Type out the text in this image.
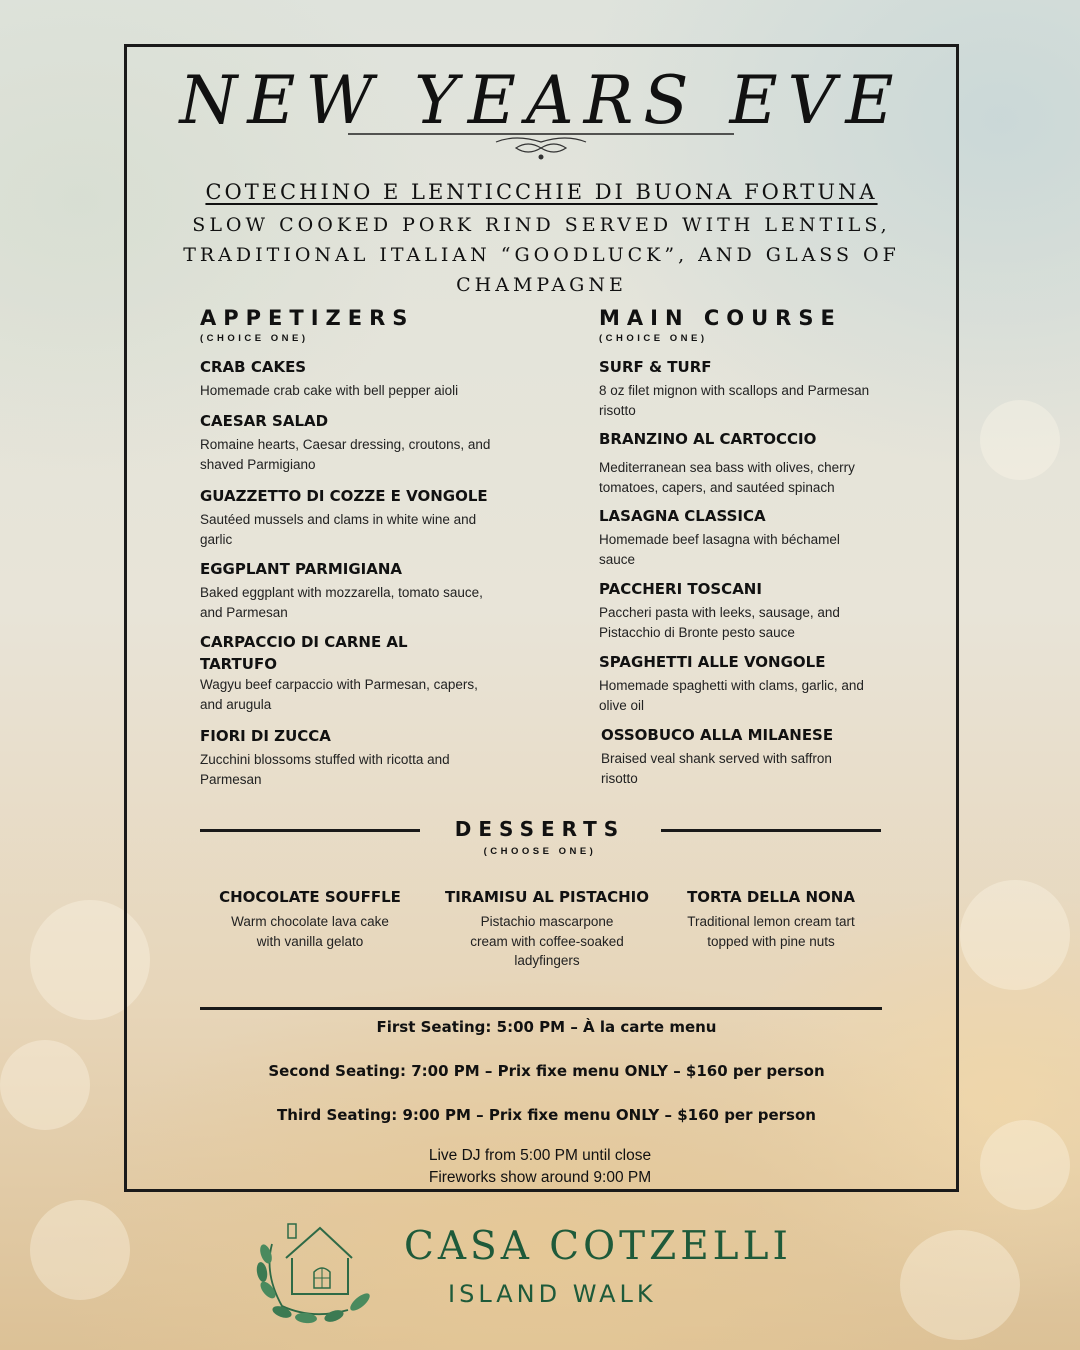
NEW YEARS EVE
COTECHINO E LENTICCHIE DI BUONA FORTUNA
SLOW COOKED PORK RIND SERVED WITH LENTILS, TRADITIONAL ITALIAN “GOODLUCK”, AND GLASS OF CHAMPAGNE
APPETIZERS
(CHOICE ONE)
CRAB CAKES
Homemade crab cake with bell pepper aioli
CAESAR SALAD
Romaine hearts, Caesar dressing, croutons, and shaved Parmigiano
GUAZZETTO DI COZZE E VONGOLE
Sautéed mussels and clams in white wine and garlic
EGGPLANT PARMIGIANA
Baked eggplant with mozzarella, tomato sauce, and Parmesan
CARPACCIO DI CARNE AL TARTUFO
Wagyu beef carpaccio with Parmesan, capers, and arugula
FIORI DI ZUCCA
Zucchini blossoms stuffed with ricotta and Parmesan
MAIN COURSE
(CHOICE ONE)
SURF & TURF
8 oz filet mignon with scallops and Parmesan risotto
BRANZINO AL CARTOCCIO
Mediterranean sea bass with olives, cherry tomatoes, capers, and sautéed spinach
LASAGNA CLASSICA
Homemade beef lasagna with béchamel sauce
PACCHERI TOSCANI
Paccheri pasta with leeks, sausage, and Pistacchio di Bronte pesto sauce
SPAGHETTI ALLE VONGOLE
Homemade spaghetti with clams, garlic, and olive oil
OSSOBUCO ALLA MILANESE
Braised veal shank served with saffron risotto
DESSERTS
(CHOOSE ONE)
CHOCOLATE SOUFFLE
Warm chocolate lava cake with vanilla gelato
TIRAMISU AL PISTACHIO
Pistachio mascarpone cream with coffee-soaked ladyfingers
TORTA DELLA NONA
Traditional lemon cream tart topped with pine nuts
First Seating: 5:00 PM – À la carte menu
Second Seating: 7:00 PM – Prix fixe menu ONLY – $160 per person
Third Seating: 9:00 PM – Prix fixe menu ONLY – $160 per person
Live DJ from 5:00 PM until close
Fireworks show around 9:00 PM
CASA COTZELLI
ISLAND WALK
